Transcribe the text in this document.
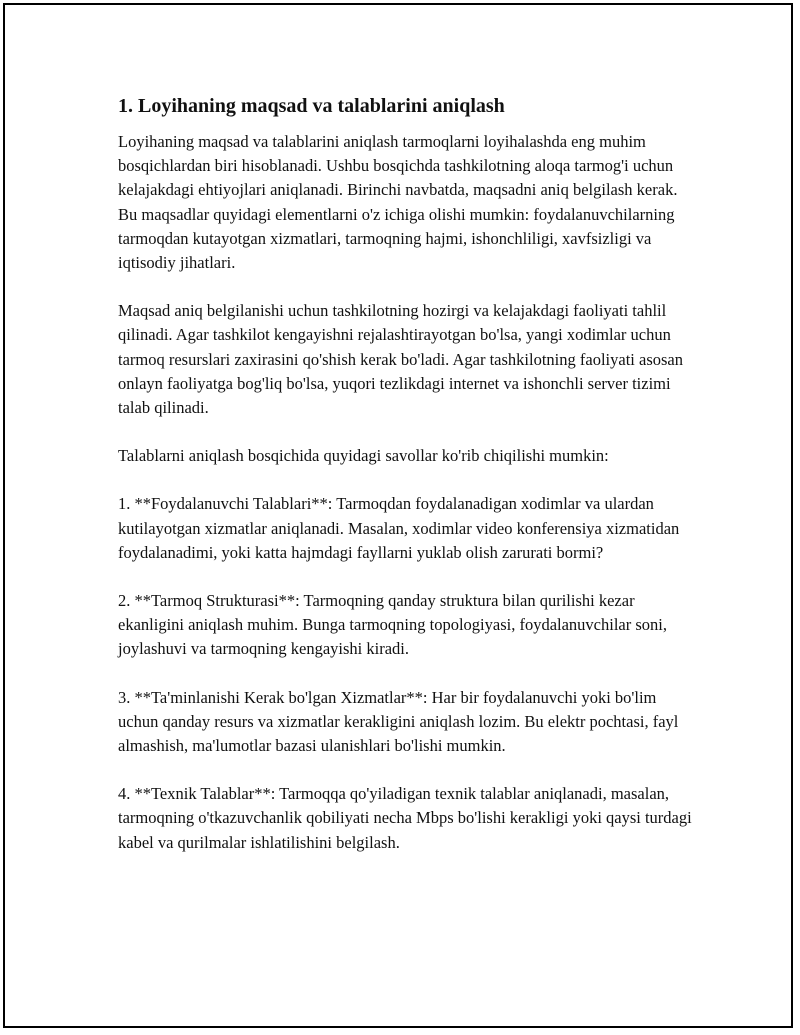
1. Loyihaning maqsad va talablarini aniqlash

Loyihaning maqsad va talablarini aniqlash tarmoqlarni loyihalashda eng muhim bosqichlardan biri hisoblanadi. Ushbu bosqichda tashkilotning aloqa tarmog'i uchun kelajakdagi ehtiyojlari aniqlanadi. Birinchi navbatda, maqsadni aniq belgilash kerak. Bu maqsadlar quyidagi elementlarni o'z ichiga olishi mumkin: foydalanuvchilarning tarmoqdan kutayotgan xizmatlari, tarmoqning hajmi, ishonchliligi, xavfsizligi va iqtisodiy jihatlari.

Maqsad aniq belgilanishi uchun tashkilotning hozirgi va kelajakdagi faoliyati tahlil qilinadi. Agar tashkilot kengayishni rejalashtirayotgan bo'lsa, yangi xodimlar uchun tarmoq resurslari zaxirasini qo'shish kerak bo'ladi. Agar tashkilotning faoliyati asosan onlayn faoliyatga bog'liq bo'lsa, yuqori tezlikdagi internet va ishonchli server tizimi talab qilinadi.

Talablarni aniqlash bosqichida quyidagi savollar ko'rib chiqilishi mumkin:

1. **Foydalanuvchi Talablari**: Tarmoqdan foydalanadigan xodimlar va ulardan kutilayotgan xizmatlar aniqlanadi. Masalan, xodimlar video konferensiya xizmatidan foydalanadimi, yoki katta hajmdagi fayllarni yuklab olish zarurati bormi?

2. **Tarmoq Strukturasi**: Tarmoqning qanday struktura bilan qurilishi kezar ekanligini aniqlash muhim. Bunga tarmoqning topologiyasi, foydalanuvchilar soni, joylashuvi va tarmoqning kengayishi kiradi.

3. **Ta'minlanishi Kerak bo'lgan Xizmatlar**: Har bir foydalanuvchi yoki bo'lim uchun qanday resurs va xizmatlar kerakligini aniqlash lozim. Bu elektr pochtasi, fayl almashish, ma'lumotlar bazasi ulanishlari bo'lishi mumkin.

4. **Texnik Talablar**: Tarmoqqa qo'yiladigan texnik talablar aniqlanadi, masalan, tarmoqning o'tkazuvchanlik qobiliyati necha Mbps bo'lishi kerakligi yoki qaysi turdagi kabel va qurilmalar ishlatilishini belgilash.
